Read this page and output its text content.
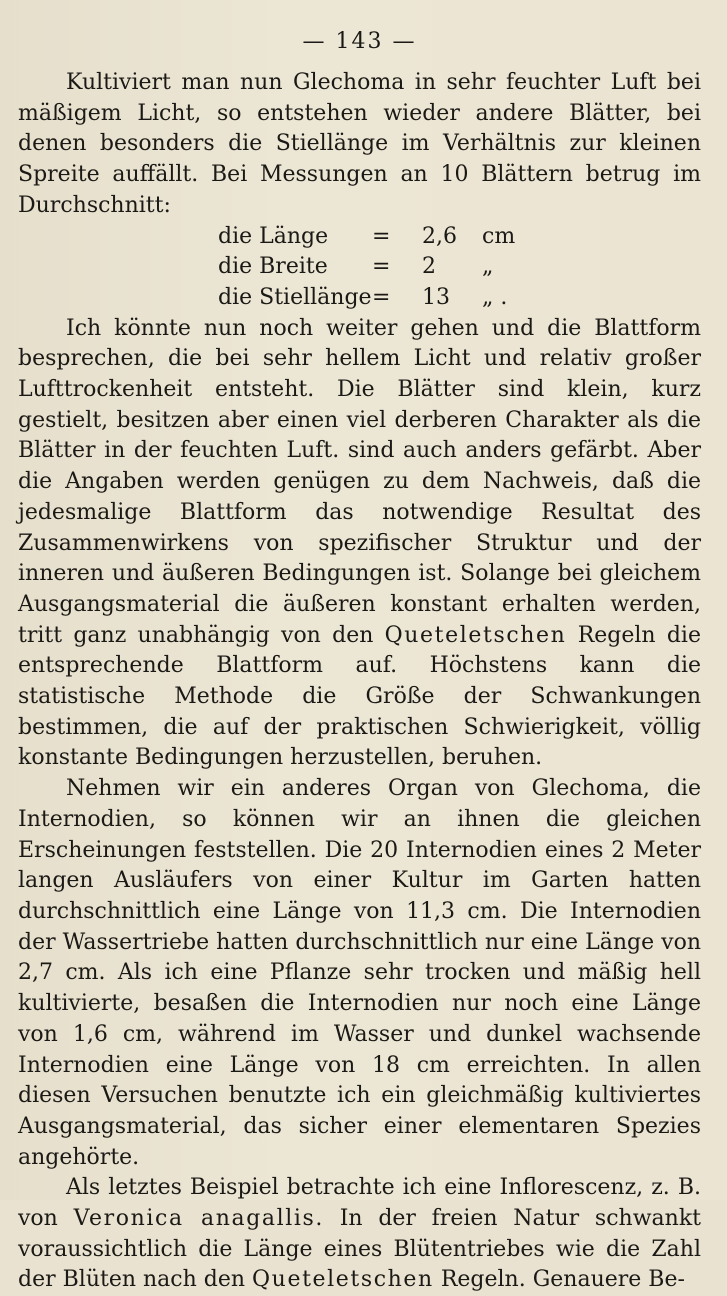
— 143 —

Kultiviert man nun Glechoma in sehr feuchter Luft bei mäßigem Licht, so entstehen wieder andere Blätter, bei denen besonders die Stiellänge im Verhältnis zur kleinen Spreite auffällt. Bei Messungen an 10 Blättern betrug im Durchschnitt:

die Länge	=	2,6	cm
die Breite	=	2	„
die Stiellänge	=	13	„ .

Ich könnte nun noch weiter gehen und die Blattform besprechen, die bei sehr hellem Licht und relativ großer Lufttrockenheit entsteht. Die Blätter sind klein, kurz gestielt, besitzen aber einen viel derberen Charakter als die Blätter in der feuchten Luft. sind auch anders gefärbt. Aber die Angaben werden genügen zu dem Nachweis, daß die jedesmalige Blattform das notwendige Resultat des Zusammenwirkens von spezifischer Struktur und der inneren und äußeren Bedingungen ist. Solange bei gleichem Ausgangsmaterial die äußeren konstant erhalten werden, tritt ganz unabhängig von den Queteletschen Regeln die entsprechende Blattform auf. Höchstens kann die statistische Methode die Größe der Schwankungen bestimmen, die auf der praktischen Schwierigkeit, völlig konstante Bedingungen herzustellen, beruhen.

Nehmen wir ein anderes Organ von Glechoma, die Internodien, so können wir an ihnen die gleichen Erscheinungen feststellen. Die 20 Internodien eines 2 Meter langen Ausläufers von einer Kultur im Garten hatten durchschnittlich eine Länge von 11,3 cm. Die Internodien der Wassertriebe hatten durchschnittlich nur eine Länge von 2,7 cm. Als ich eine Pflanze sehr trocken und mäßig hell kultivierte, besaßen die Internodien nur noch eine Länge von 1,6 cm, während im Wasser und dunkel wachsende Internodien eine Länge von 18 cm erreichten. In allen diesen Versuchen benutzte ich ein gleichmäßig kultiviertes Ausgangsmaterial, das sicher einer elementaren Spezies angehörte.

Als letztes Beispiel betrachte ich eine Inflorescenz, z. B. von Veronica anagallis. In der freien Natur schwankt voraussichtlich die Länge eines Blütentriebes wie die Zahl der Blüten nach den Queteletschen Regeln. Genauere Be-
